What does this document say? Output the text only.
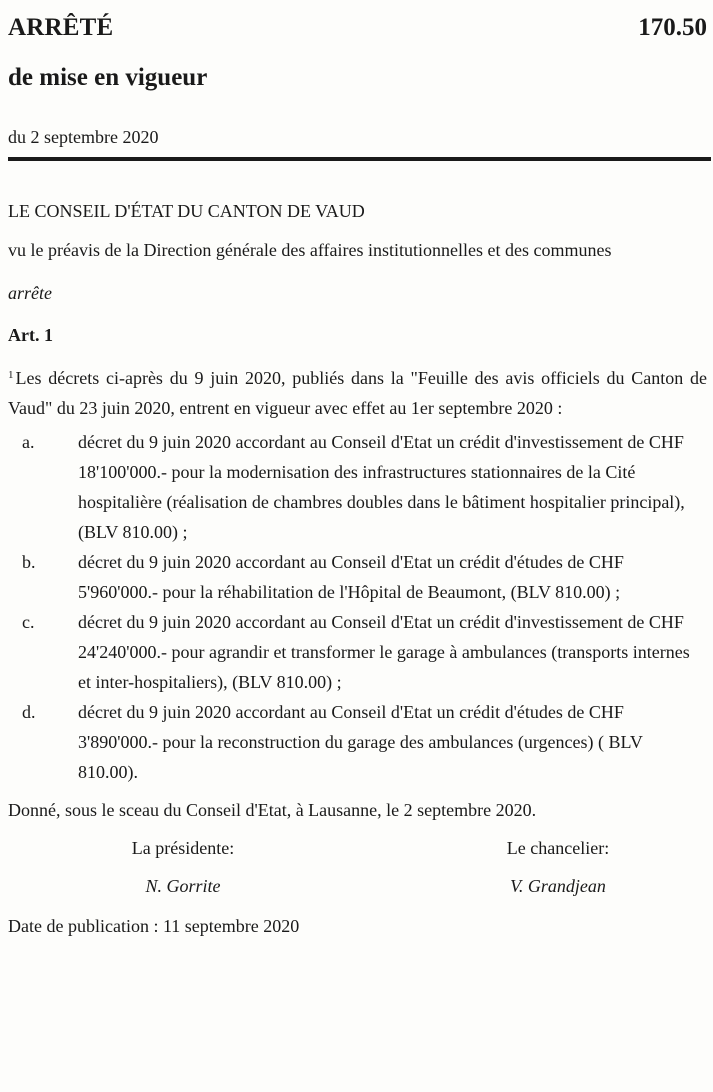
ARRÊTÉ	170.50
de mise en vigueur
du 2 septembre 2020

LE CONSEIL D'ÉTAT DU CANTON DE VAUD

vu le préavis de la Direction générale des affaires institutionnelles et des communes

arrête

Art. 1

$^1$ Les décrets ci-après du 9 juin 2020, publiés dans la "Feuille des avis officiels du Canton de Vaud" du 23 juin 2020, entrent en vigueur avec effet au 1er septembre 2020 :

a.	décret du 9 juin 2020 accordant au Conseil d'Etat un crédit d'investissement de CHF 18'100'000.- pour la modernisation des infrastructures stationnaires de la Cité hospitalière (réalisation de chambres doubles dans le bâtiment hospitalier principal), (BLV 810.00) ;
b.	décret du 9 juin 2020 accordant au Conseil d'Etat un crédit d'études de CHF 5'960'000.- pour la réhabilitation de l'Hôpital de Beaumont, (BLV 810.00) ;
c.	décret du 9 juin 2020 accordant au Conseil d'Etat un crédit d'investissement de CHF 24'240'000.- pour agrandir et transformer le garage à ambulances (transports internes et inter-hospitaliers), (BLV 810.00) ;
d.	décret du 9 juin 2020 accordant au Conseil d'Etat un crédit d'études de CHF 3'890'000.- pour la reconstruction du garage des ambulances (urgences) ( BLV 810.00).

Donné, sous le sceau du Conseil d'Etat, à Lausanne, le 2 septembre 2020.

La présidente:	Le chancelier:
N. Gorrite	V. Grandjean

Date de publication : 11 septembre 2020
